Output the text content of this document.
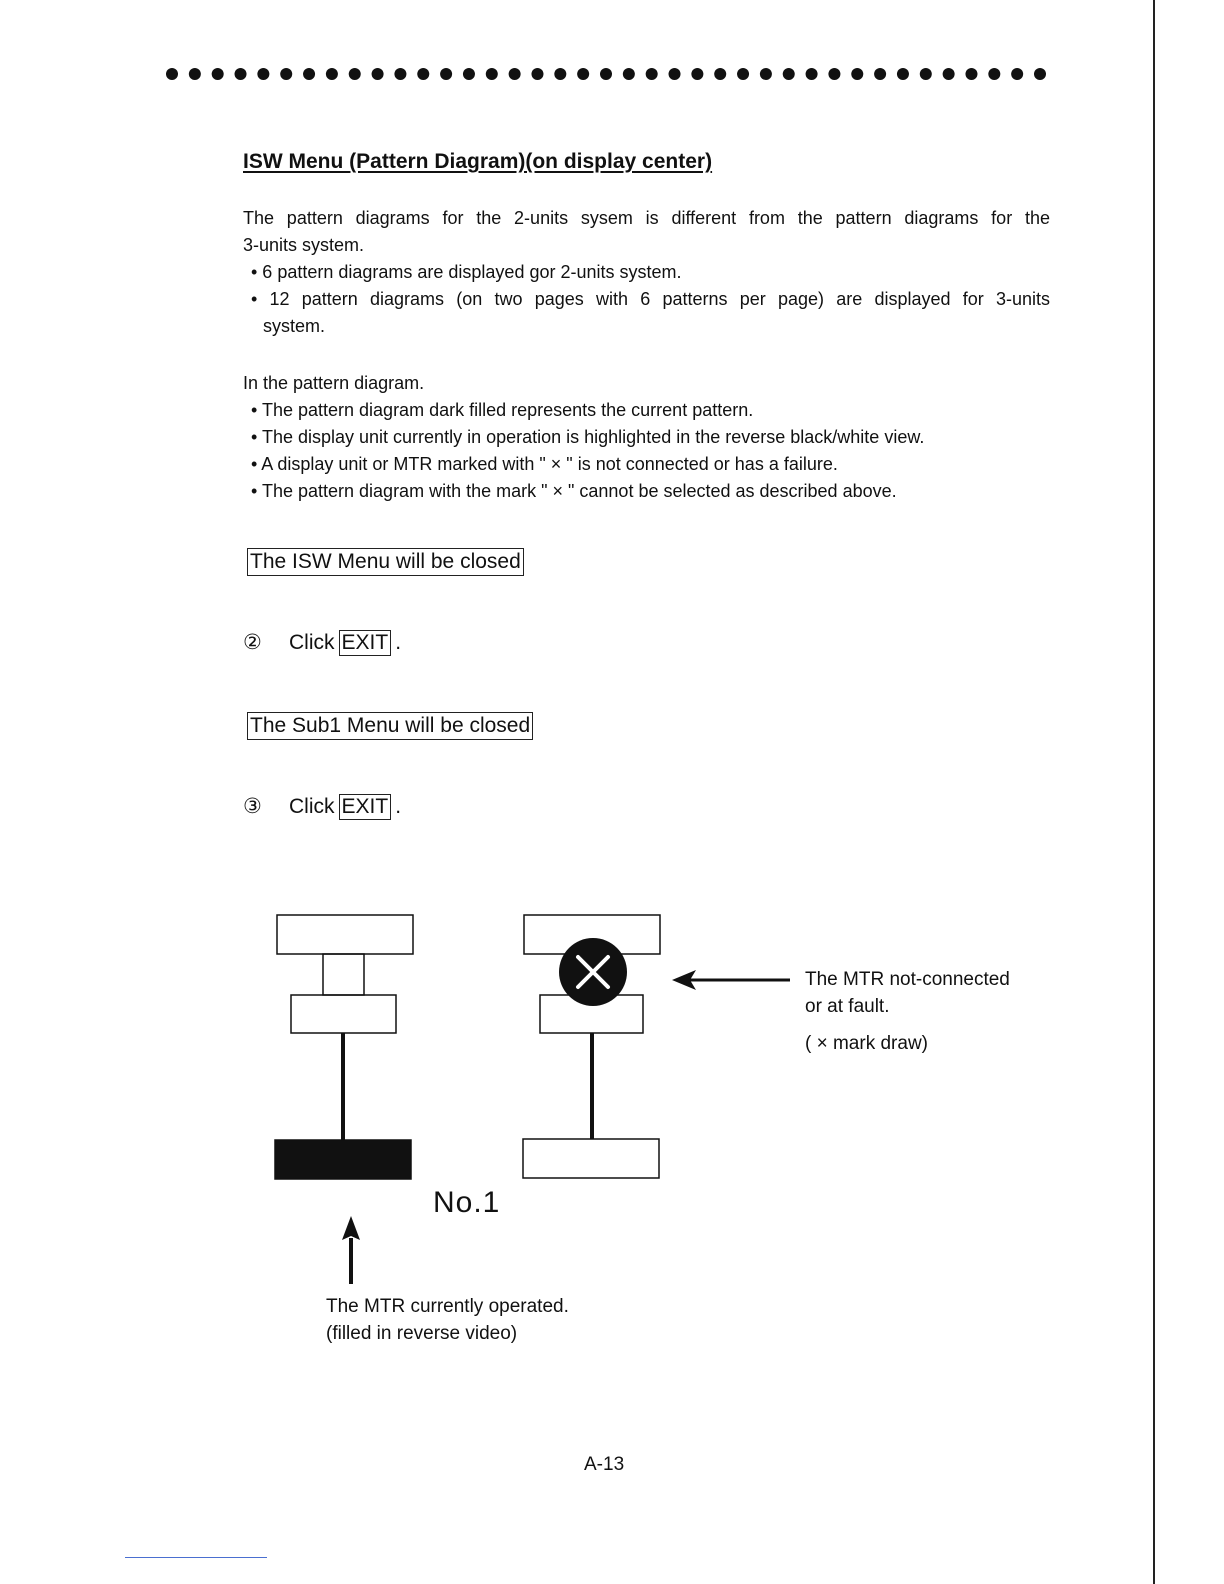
ISW Menu (Pattern Diagram)(on display center)

The pattern diagrams for the 2-units sysem is different from the pattern diagrams for the

3-units system.

• 6 pattern diagrams are displayed gor 2-units system.

• 12 pattern diagrams (on two pages with 6 patterns per page) are displayed for 3-units

system.

In the pattern diagram.

• The pattern diagram dark filled represents the current pattern.

• The display unit currently in operation is highlighted in the reverse black/white view.

• A display unit or MTR marked with " × " is not connected or has a failure.

• The pattern diagram with the mark " × " cannot be selected as described above.

The ISW Menu will be closed
②	Click EXIT .
The Sub1 Menu will be closed
③	Click EXIT .
No.1
The MTR not-connected
or at fault.
( × mark draw)
The MTR currently operated.
(filled in reverse video)
A-13
